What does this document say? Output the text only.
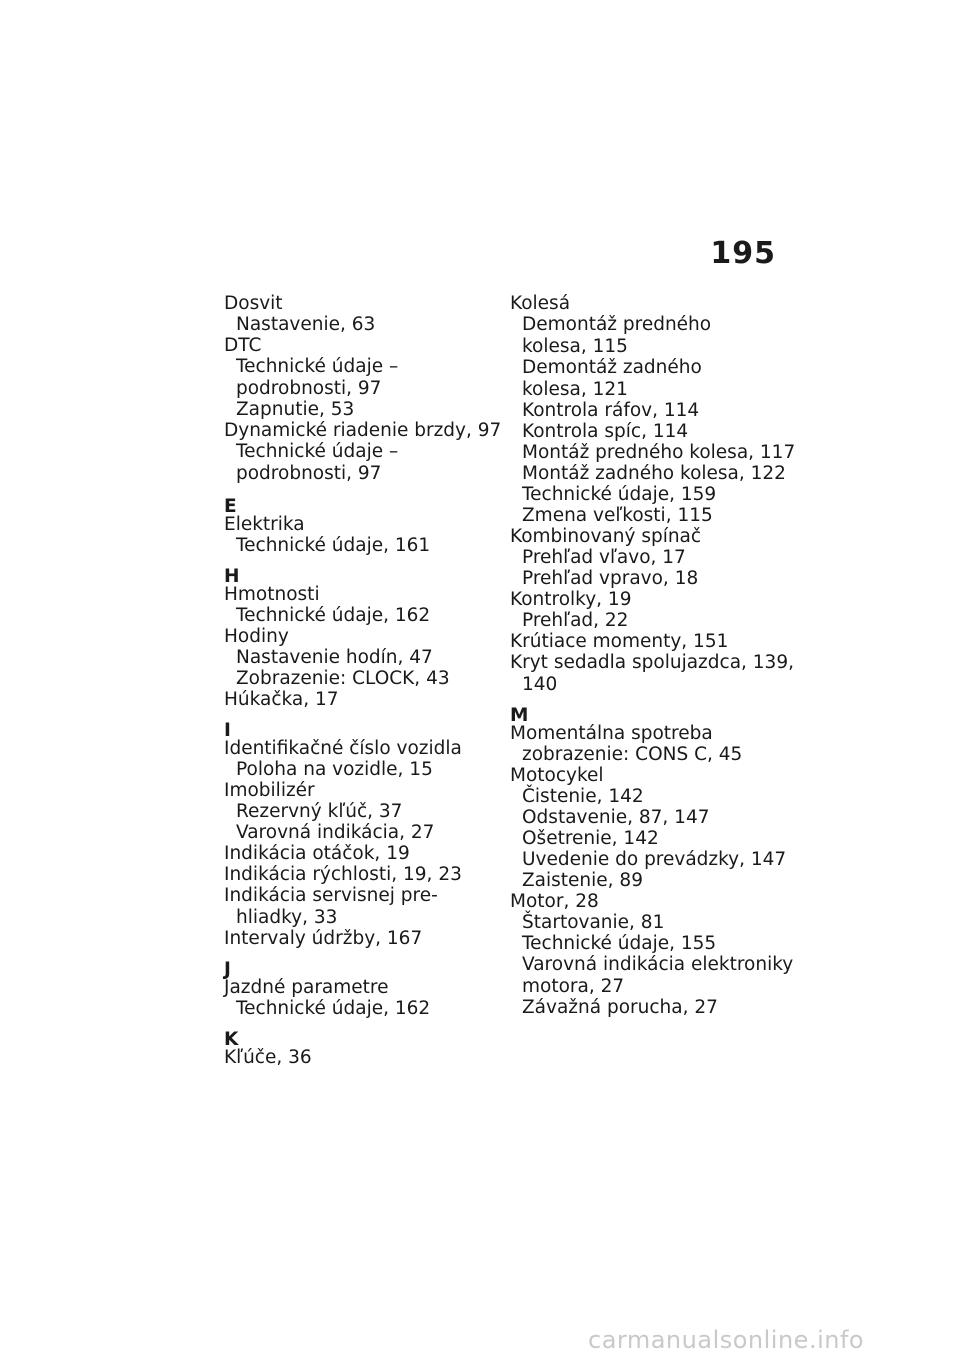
195
Dosvit
Nastavenie, 63
DTC
Technické údaje –
podrobnosti, 97
Zapnutie, 53
Dynamické riadenie brzdy, 97
Technické údaje –
podrobnosti, 97
E
Elektrika
Technické údaje, 161
H
Hmotnosti
Technické údaje, 162
Hodiny
Nastavenie hodín, 47
Zobrazenie: CLOCK, 43
Húkačka, 17
I
Identifikačné číslo vozidla
Poloha na vozidle, 15
Imobilizér
Rezervný kľúč, 37
Varovná indikácia, 27
Indikácia otáčok, 19
Indikácia rýchlosti, 19, 23
Indikácia servisnej pre-
hliadky, 33
Intervaly údržby, 167
J
Jazdné parametre
Technické údaje, 162
K
Kľúče, 36
Kolesá
Demontáž predného
kolesa, 115
Demontáž zadného
kolesa, 121
Kontrola ráfov, 114
Kontrola spíc, 114
Montáž predného kolesa, 117
Montáž zadného kolesa, 122
Technické údaje, 159
Zmena veľkosti, 115
Kombinovaný spínač
Prehľad vľavo, 17
Prehľad vpravo, 18
Kontrolky, 19
Prehľad, 22
Krútiace momenty, 151
Kryt sedadla spolujazdca, 139,
140
M
Momentálna spotreba
zobrazenie: CONS C, 45
Motocykel
Čistenie, 142
Odstavenie, 87, 147
Ošetrenie, 142
Uvedenie do prevádzky, 147
Zaistenie, 89
Motor, 28
Štartovanie, 81
Technické údaje, 155
Varovná indikácia elektroniky
motora, 27
Závažná porucha, 27
carmanualsonline.info
